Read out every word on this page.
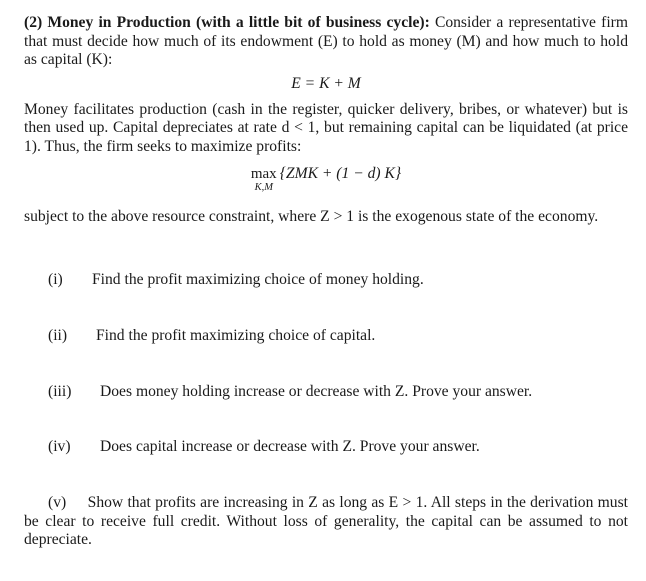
(2) Money in Production (with a little bit of business cycle): Consider a representative firm that must decide how much of its endowment (E) to hold as money (M) and how much to hold as capital (K):

E = K + M

Money facilitates production (cash in the register, quicker delivery, bribes, or whatever) but is then used up. Capital depreciates at rate d < 1, but remaining capital can be liquidated (at price 1). Thus, the firm seeks to maximize profits:

max
K,M
{ZMK + (1 − d) K}

subject to the above resource constraint, where Z > 1 is the exogenous state of the economy.

(i) Find the profit maximizing choice of money holding.
(ii) Find the profit maximizing choice of capital.
(iii) Does money holding increase or decrease with Z. Prove your answer.
(iv) Does capital increase or decrease with Z. Prove your answer.

(v) Show that profits are increasing in Z as long as E > 1. All steps in the derivation must be clear to receive full credit. Without loss of generality, the capital can be assumed to not depreciate.
